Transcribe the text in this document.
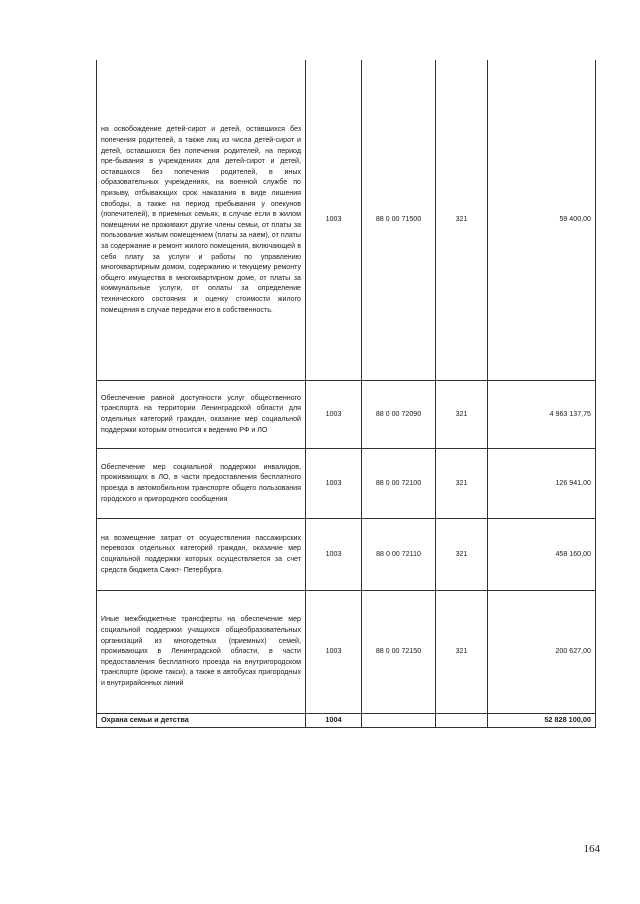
на освобождение детей-сирот и детей, оставшихся без попечения родителей, а также лиц из числа детей-сирот и детей, оставшихся без попечения родителей, на период пре-бывания в учреждениях для детей-сирот и детей, оставшихся без попечения родителей, в иных образовательных учреждениях, на военной службе по призыву, отбывающих срок наказания в виде лишения свободы, а также на период пребывания у опекунов (попечителей), в приемных семьях, в случае если в жилом помещении не проживают другие члены семьи, от платы за пользование жилым помещением (платы за наем), от платы за содержание и ремонт жилого помещения, включающей в себя плату за услуги и работы по управлению многоквартирным домом, содержанию и текущему ремонту общего имущества в многоквартирном доме, от платы за коммунальные услуги, от оплаты за определение технического состояния и оценку стоимости жилого помещения в случае передачи его в собственность.	1003	88 0 00 71500	321	59 400,00
Обеспечение равной доступности услуг общественного транспорта на территории Ленинградской области для отдельных категорий граждан, оказание мер социальной поддержки которым относится к ведению РФ и ЛО	1003	88 0 00 72090	321	4 963 137,75
Обеспечение мер социальной поддержки инвалидов, проживающих в ЛО, в части предоставления бесплатного проезда в автомобильном транспорте общего пользования городского и пригородного сообщения	1003	88 0 00 72100	321	126 941,00
на возмещение затрат от осуществления пассажирских перевозок отдельных категорий граждан, оказание мер социальной поддержки которых осуществляется за счет средств бюджета Санкт- Петербурга.	1003	88 0 00 72110	321	458 160,00
Иные межбюджетные трансферты на обеспечение мер социальной поддержки учащихся общеобразовательных организаций из многодетных (приемных) семей, проживающих в Ленинградской области, в части предоставления бесплатного проезда на внутригородском транспорте (кроме такси), а также в автобусах пригородных и внутрирайонных линий	1003	88 0 00 72150	321	200 627,00
Охрана семьи и детства	1004			52 828 100,00
164
